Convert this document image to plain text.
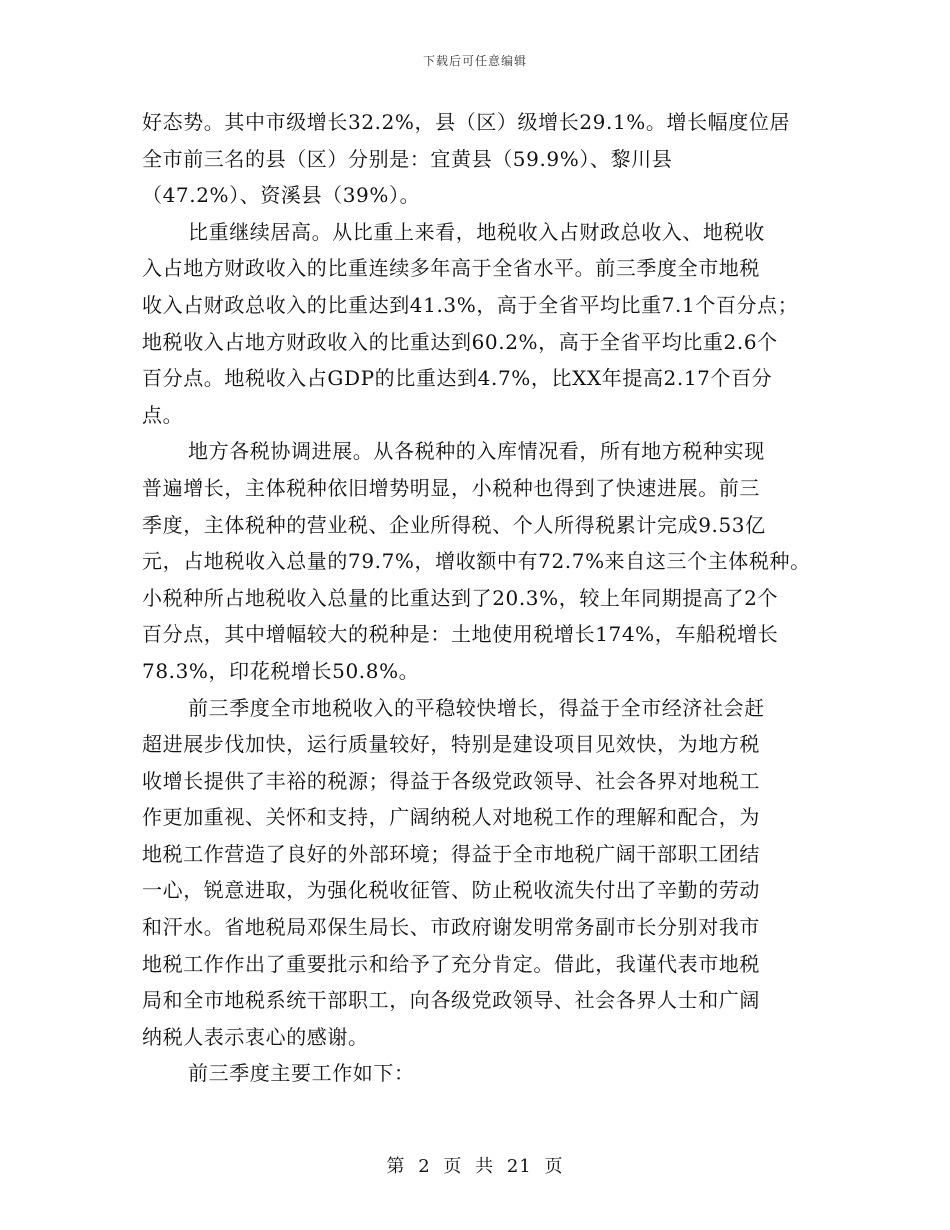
下载后可任意编辑
好态势。其中市级增长32.2%，县（区）级增长29.1%。增长幅度位居
全市前三名的县（区）分别是：宜黄县（59.9%）、黎川县
（47.2%）、资溪县（39%）。
比重继续居高。从比重上来看，地税收入占财政总收入、地税收
入占地方财政收入的比重连续多年高于全省水平。前三季度全市地税
收入占财政总收入的比重达到41.3%，高于全省平均比重7.1个百分点；
地税收入占地方财政收入的比重达到60.2%，高于全省平均比重2.6个
百分点。地税收入占GDP的比重达到4.7%，比XX年提高2.17个百分
点。
地方各税协调进展。从各税种的入库情况看，所有地方税种实现
普遍增长，主体税种依旧增势明显，小税种也得到了快速进展。前三
季度，主体税种的营业税、企业所得税、个人所得税累计完成9.53亿
元，占地税收入总量的79.7%，增收额中有72.7%来自这三个主体税种。
小税种所占地税收入总量的比重达到了20.3%，较上年同期提高了2个
百分点，其中增幅较大的税种是：土地使用税增长174%，车船税增长
78.3%，印花税增长50.8%。
前三季度全市地税收入的平稳较快增长，得益于全市经济社会赶
超进展步伐加快，运行质量较好，特别是建设项目见效快，为地方税
收增长提供了丰裕的税源；得益于各级党政领导、社会各界对地税工
作更加重视、关怀和支持，广阔纳税人对地税工作的理解和配合，为
地税工作营造了良好的外部环境；得益于全市地税广阔干部职工团结
一心，锐意进取，为强化税收征管、防止税收流失付出了辛勤的劳动
和汗水。省地税局邓保生局长、市政府谢发明常务副市长分别对我市
地税工作作出了重要批示和给予了充分肯定。借此，我谨代表市地税
局和全市地税系统干部职工，向各级党政领导、社会各界人士和广阔
纳税人表示衷心的感谢。
前三季度主要工作如下：
第 2 页 共 21 页
